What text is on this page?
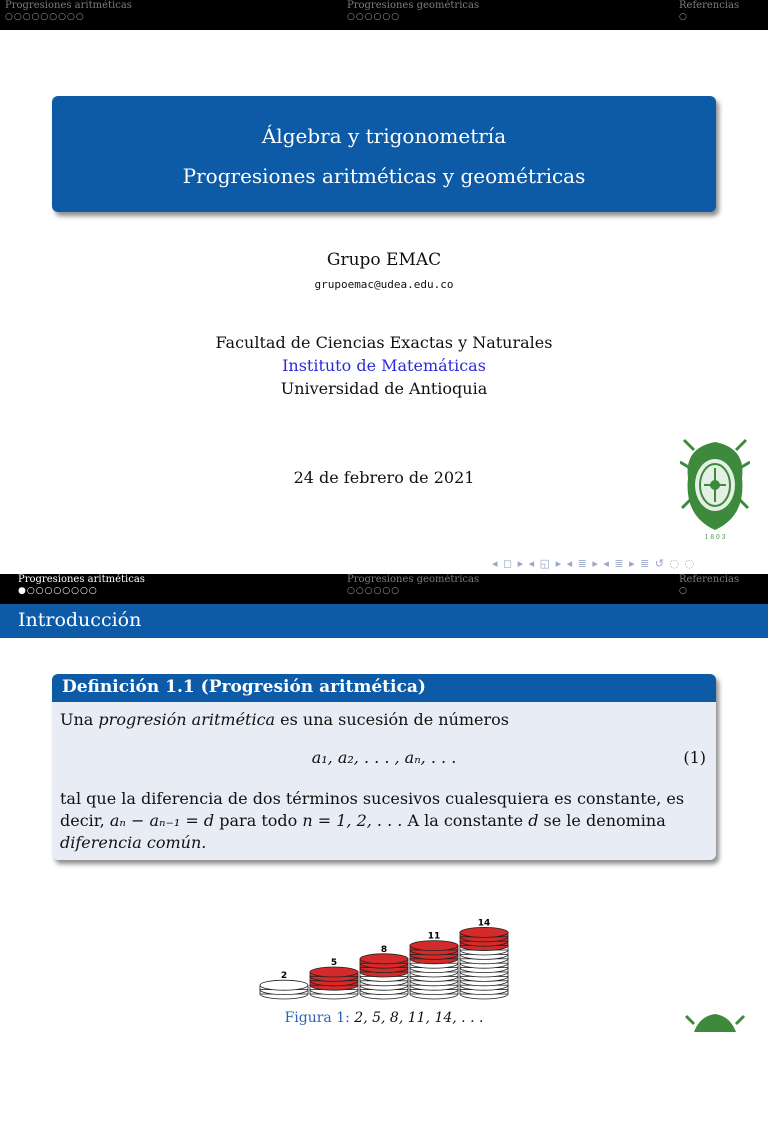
Progresiones aritméticas
○○○○○○○○○
Progresiones geométricas
○○○○○○
Referencias
○
Álgebra y trigonometría
Progresiones aritméticas y geométricas
Grupo EMAC
grupoemac@udea.edu.co
Facultad de Ciencias Exactas y Naturales
Instituto de Matemáticas
Universidad de Antioquia
24 de febrero de 2021
1 8 0 3
◂ ◻ ▸ ◂ ◱ ▸ ◂ ≣ ▸ ◂ ≣ ▸ ≣ ↺ ◌ ◌
Progresiones aritméticas
●○○○○○○○○
Progresiones geométricas
○○○○○○
Referencias
○
Introducción
Definición 1.1 (Progresión aritmética)
Una progresión aritmética es una sucesión de números
a₁, a₂, . . . , aₙ, . . .	(1)
tal que la diferencia de dos términos sucesivos cualesquiera es constante, es decir, aₙ − aₙ₋₁ = d para todo n = 1, 2, . . . A la constante d se le denomina diferencia común.
2
5
8
11
14
Figura 1: 2, 5, 8, 11, 14, . . .
